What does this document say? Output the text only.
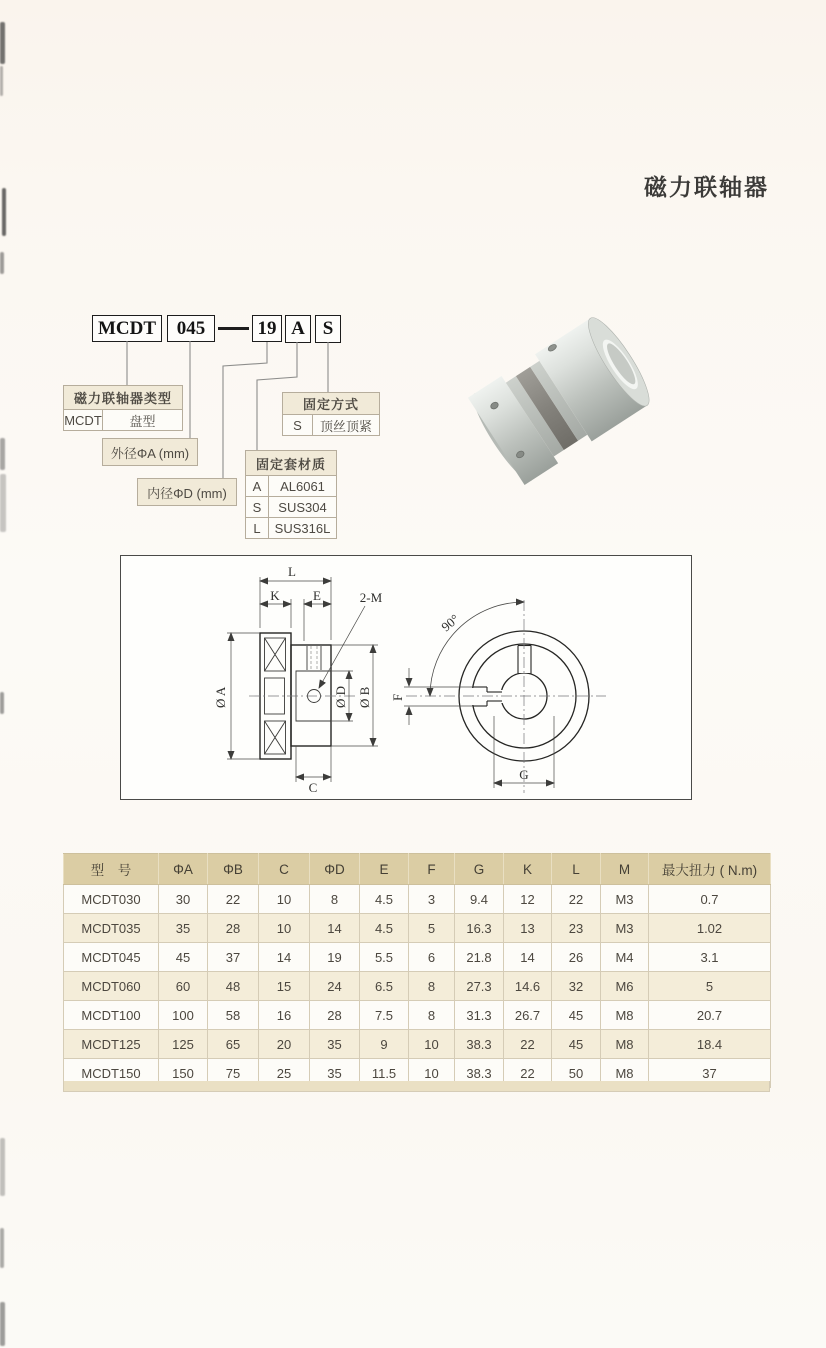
磁力联轴器
MCDT	045	19 A S
磁力联轴器类型
MCDT	盘型
外径ΦA (mm)
内径ΦD (mm)
固定套材质
A	AL6061
S	SUS304
L	SUS316L
固定方式
S	顶丝顶紧
L
K	E	2-M
Ø A	Ø D Ø B
C
90°
F
G
型　号	ΦA	ΦB	C	ΦD	E	F	G	K	L	M	最大扭力 ( N.m)
MCDT030	30	22	10	8	4.5	3	9.4	12	22	M3	0.7
MCDT035	35	28	10	14	4.5	5	16.3	13	23	M3	1.02
MCDT045	45	37	14	19	5.5	6	21.8	14	26	M4	3.1
MCDT060	60	48	15	24	6.5	8	27.3	14.6	32	M6	5
MCDT100	100	58	16	28	7.5	8	31.3	26.7	45	M8	20.7
MCDT125	125	65	20	35	9	10	38.3	22	45	M8	18.4
MCDT150	150	75	25	35	11.5	10	38.3	22	50	M8	37
